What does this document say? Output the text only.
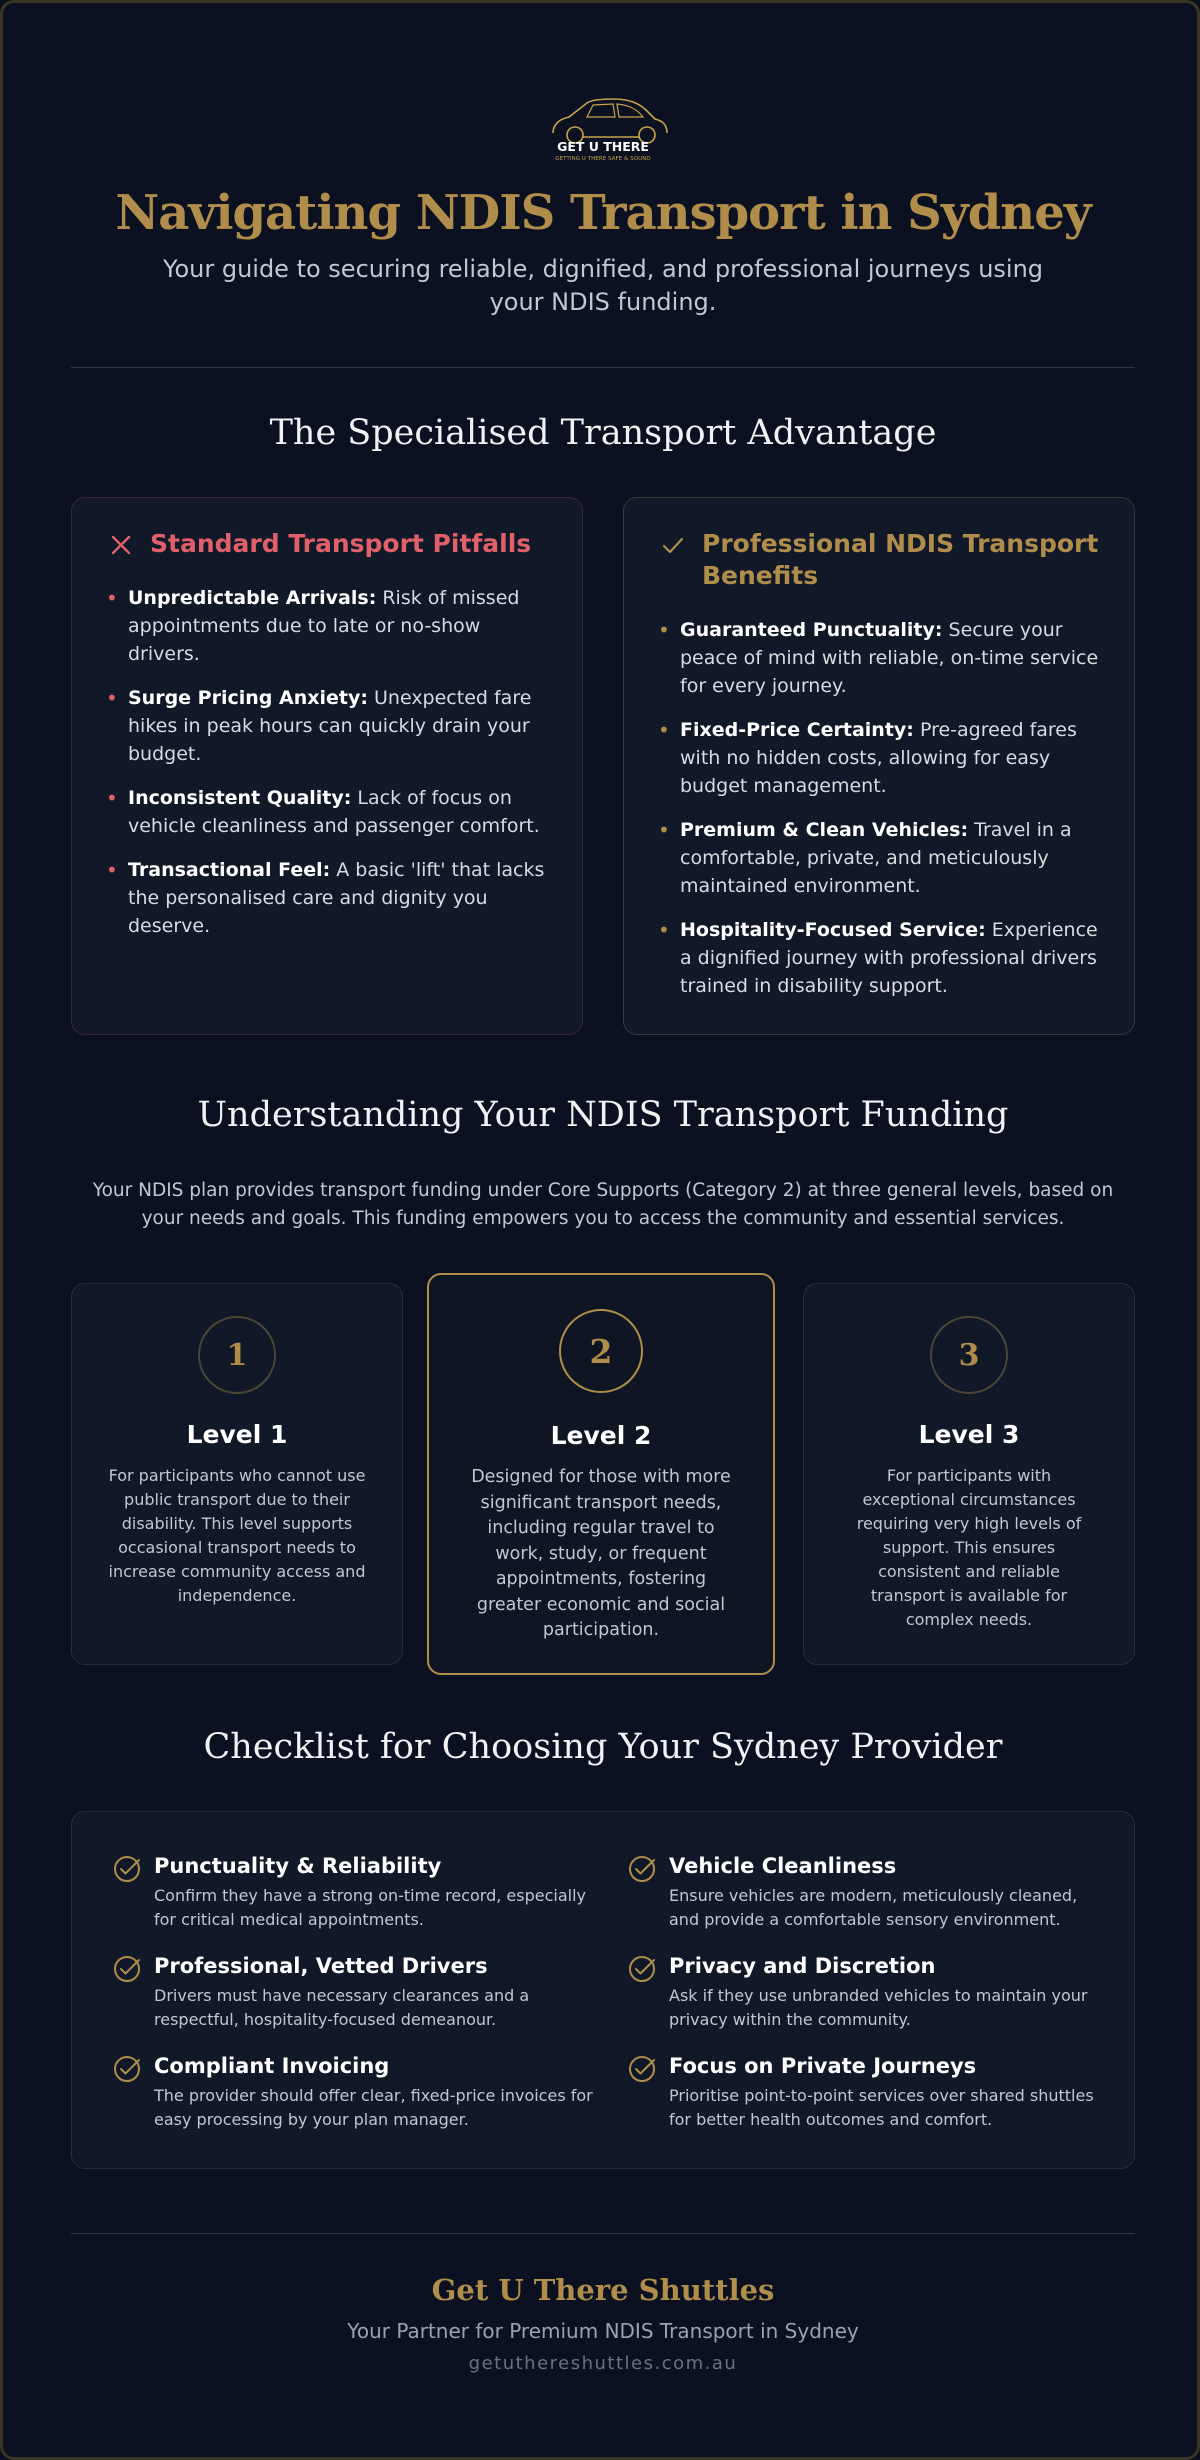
GET U THERE
GETTING U THERE SAFE & SOUND
Navigating NDIS Transport in Sydney

Your guide to securing reliable, dignified, and professional journeys using your NDIS funding.

The Specialised Transport Advantage
Standard Transport Pitfalls
• Unpredictable Arrivals: Risk of missed appointments due to late or no-show drivers.
• Surge Pricing Anxiety: Unexpected fare hikes in peak hours can quickly drain your budget.
• Inconsistent Quality: Lack of focus on vehicle cleanliness and passenger comfort.
• Transactional Feel: A basic 'lift' that lacks the personalised care and dignity you deserve.
Professional NDIS Transport Benefits
• Guaranteed Punctuality: Secure your peace of mind with reliable, on-time service for every journey.
• Fixed-Price Certainty: Pre-agreed fares with no hidden costs, allowing for easy budget management.
• Premium & Clean Vehicles: Travel in a comfortable, private, and meticulously maintained environment.
• Hospitality-Focused Service: Experience a dignified journey with professional drivers trained in disability support.
Understanding Your NDIS Transport Funding

Your NDIS plan provides transport funding under Core Supports (Category 2) at three general levels, based on your needs and goals. This funding empowers you to access the community and essential services.

1
Level 1
For participants who cannot use public transport due to their disability. This level supports occasional transport needs to increase community access and independence.
2
Level 2
Designed for those with more significant transport needs, including regular travel to work, study, or frequent appointments, fostering greater economic and social participation.
3
Level 3
For participants with exceptional circumstances requiring very high levels of support. This ensures consistent and reliable transport is available for complex needs.
Checklist for Choosing Your Sydney Provider
Punctuality & Reliability
Confirm they have a strong on-time record, especially for critical medical appointments.
Vehicle Cleanliness
Ensure vehicles are modern, meticulously cleaned, and provide a comfortable sensory environment.
Professional, Vetted Drivers
Drivers must have necessary clearances and a respectful, hospitality-focused demeanour.
Privacy and Discretion
Ask if they use unbranded vehicles to maintain your privacy within the community.
Compliant Invoicing
The provider should offer clear, fixed-price invoices for easy processing by your plan manager.
Focus on Private Journeys
Prioritise point-to-point services over shared shuttles for better health outcomes and comfort.
Get U There Shuttles
Your Partner for Premium NDIS Transport in Sydney
getuthereshuttles.com.au
